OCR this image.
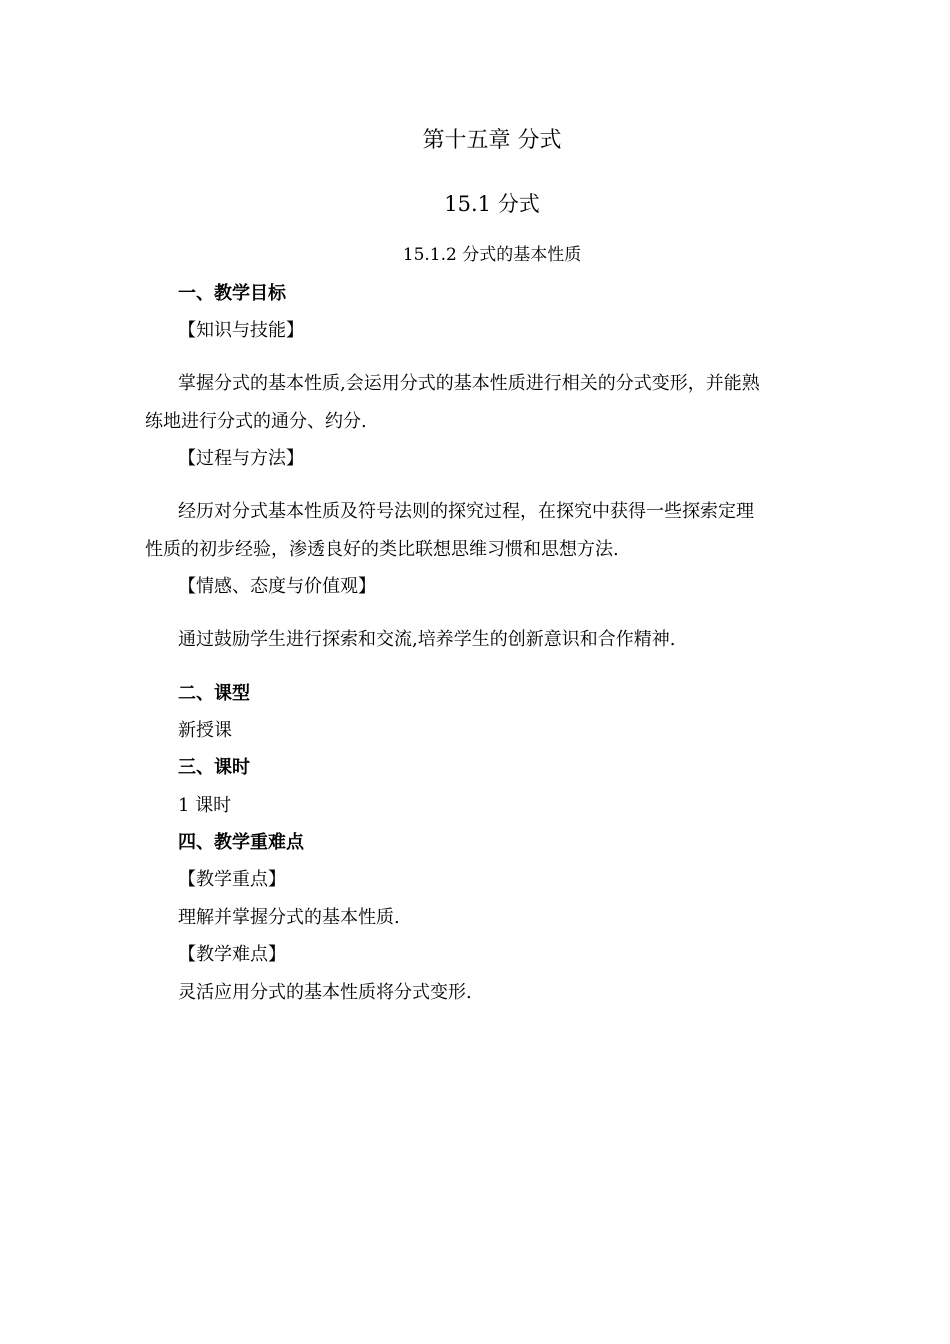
第十五章 分式
15.1 分式
15.1.2 分式的基本性质
一、教学目标
【知识与技能】
掌握分式的基本性质,会运用分式的基本性质进行相关的分式变形，并能熟
练地进行分式的通分、约分.
【过程与方法】
经历对分式基本性质及符号法则的探究过程，在探究中获得一些探索定理
性质的初步经验，渗透良好的类比联想思维习惯和思想方法.
【情感、态度与价值观】
通过鼓励学生进行探索和交流,培养学生的创新意识和合作精神.
二、课型
新授课
三、课时
1 课时
四、教学重难点
【教学重点】
理解并掌握分式的基本性质.
【教学难点】
灵活应用分式的基本性质将分式变形.
